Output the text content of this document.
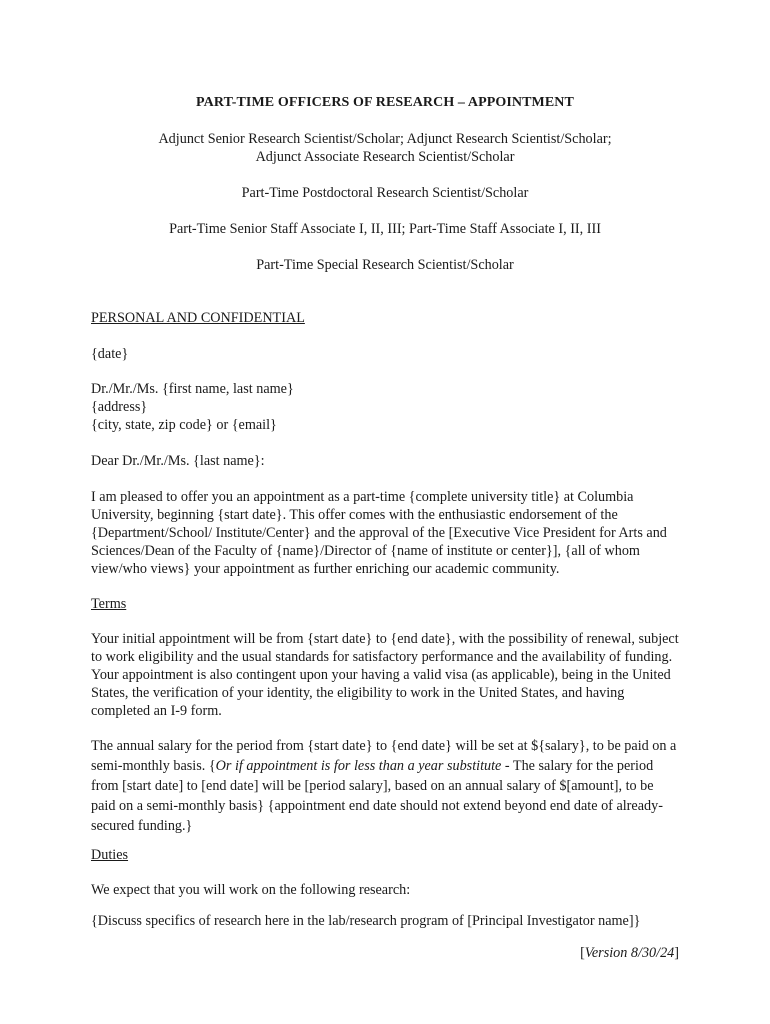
PART-TIME OFFICERS OF RESEARCH – APPOINTMENT

Adjunct Senior Research Scientist/Scholar; Adjunct Research Scientist/Scholar;
Adjunct Associate Research Scientist/Scholar

Part-Time Postdoctoral Research Scientist/Scholar

Part-Time Senior Staff Associate I, II, III; Part-Time Staff Associate I, II, III

Part-Time Special Research Scientist/Scholar

PERSONAL AND CONFIDENTIAL

{date}

Dr./Mr./Ms. {first name, last name}
{address}
{city, state, zip code} or {email}

Dear Dr./Mr./Ms. {last name}:

I am pleased to offer you an appointment as a part-time {complete university title} at Columbia University, beginning {start date}. This offer comes with the enthusiastic endorsement of the {Department/School/ Institute/Center} and the approval of the [Executive Vice President for Arts and Sciences/Dean of the Faculty of {name}/Director of {name of institute or center}], {all of whom view/who views} your appointment as further enriching our academic community.

Terms

Your initial appointment will be from {start date} to {end date}, with the possibility of renewal, subject to work eligibility and the usual standards for satisfactory performance and the availability of funding. Your appointment is also contingent upon your having a valid visa (as applicable), being in the United States, the verification of your identity, the eligibility to work in the United States, and having completed an I-9 form.

The annual salary for the period from {start date} to {end date} will be set at ${salary}, to be paid on a semi-monthly basis. {Or if appointment is for less than a year substitute - The salary for the period from [start date] to [end date] will be [period salary], based on an annual salary of $[amount], to be paid on a semi-monthly basis} {appointment end date should not extend beyond end date of already-secured funding.}

Duties

We expect that you will work on the following research:

{Discuss specifics of research here in the lab/research program of [Principal Investigator name]}

[Version 8/30/24]
